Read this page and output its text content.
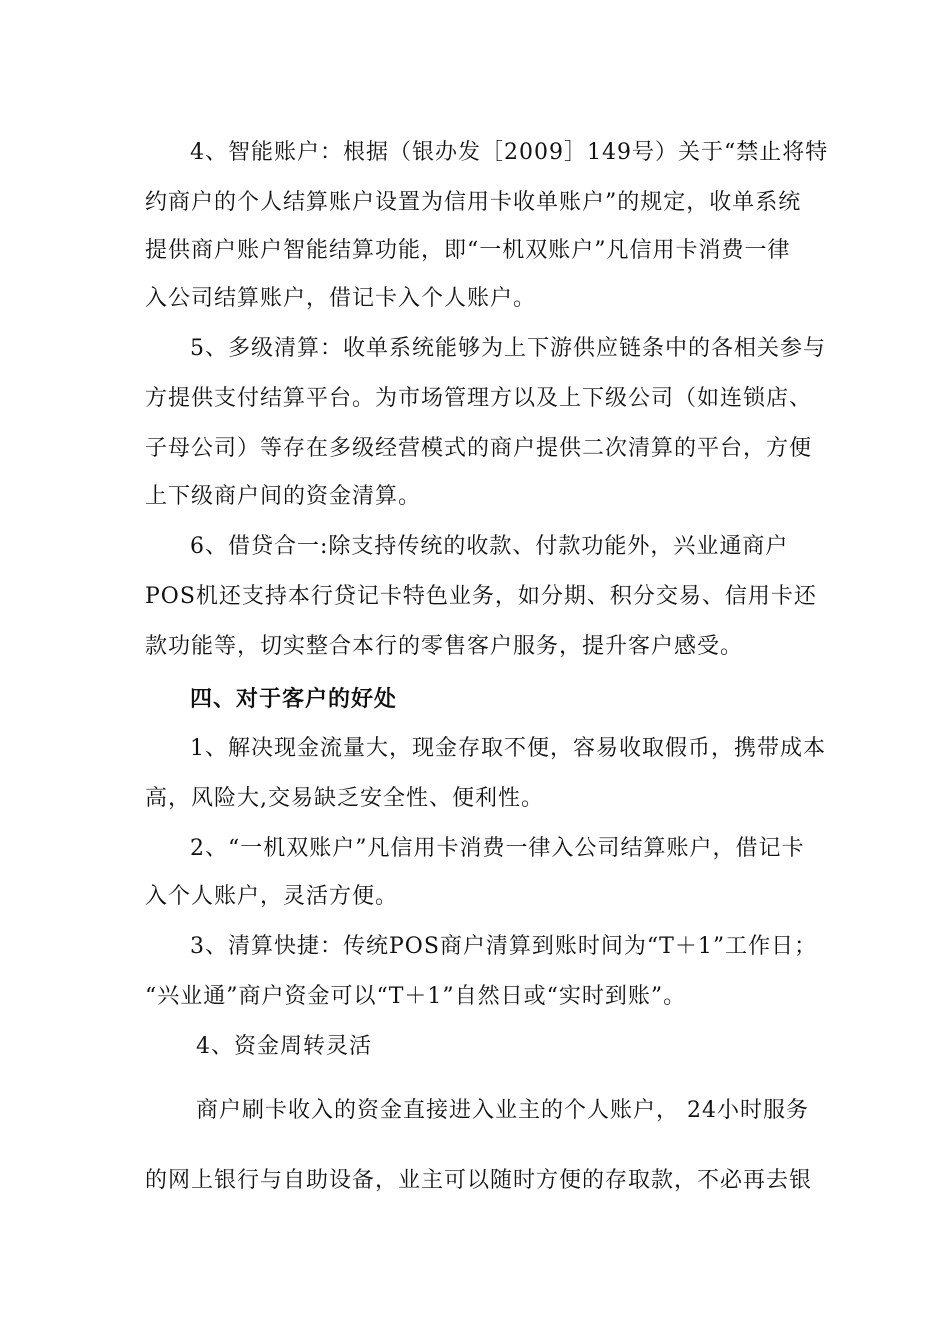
4、智能账户：根据（银办发［2009］149号）关于“禁止将特

约商户的个人结算账户设置为信用卡收单账户”的规定，收单系统

提供商户账户智能结算功能，即“一机双账户”凡信用卡消费一律

入公司结算账户，借记卡入个人账户。

5、多级清算：收单系统能够为上下游供应链条中的各相关参与

方提供支付结算平台。为市场管理方以及上下级公司（如连锁店、

子母公司）等存在多级经营模式的商户提供二次清算的平台，方便

上下级商户间的资金清算。

6、借贷合一:除支持传统的收款、付款功能外，兴业通商户

POS机还支持本行贷记卡特色业务，如分期、积分交易、信用卡还

款功能等，切实整合本行的零售客户服务，提升客户感受。

四、对于客户的好处

1、解决现金流量大，现金存取不便，容易收取假币，携带成本

高，风险大,交易缺乏安全性、便利性。

2、“一机双账户”凡信用卡消费一律入公司结算账户，借记卡

入个人账户，灵活方便。

3、清算快捷：传统POS商户清算到账时间为“T＋1”工作日；

“兴业通”商户资金可以“T＋1”自然日或“实时到账”。

4、资金周转灵活

商户刷卡收入的资金直接进入业主的个人账户， 24小时服务

的网上银行与自助设备，业主可以随时方便的存取款，不必再去银
